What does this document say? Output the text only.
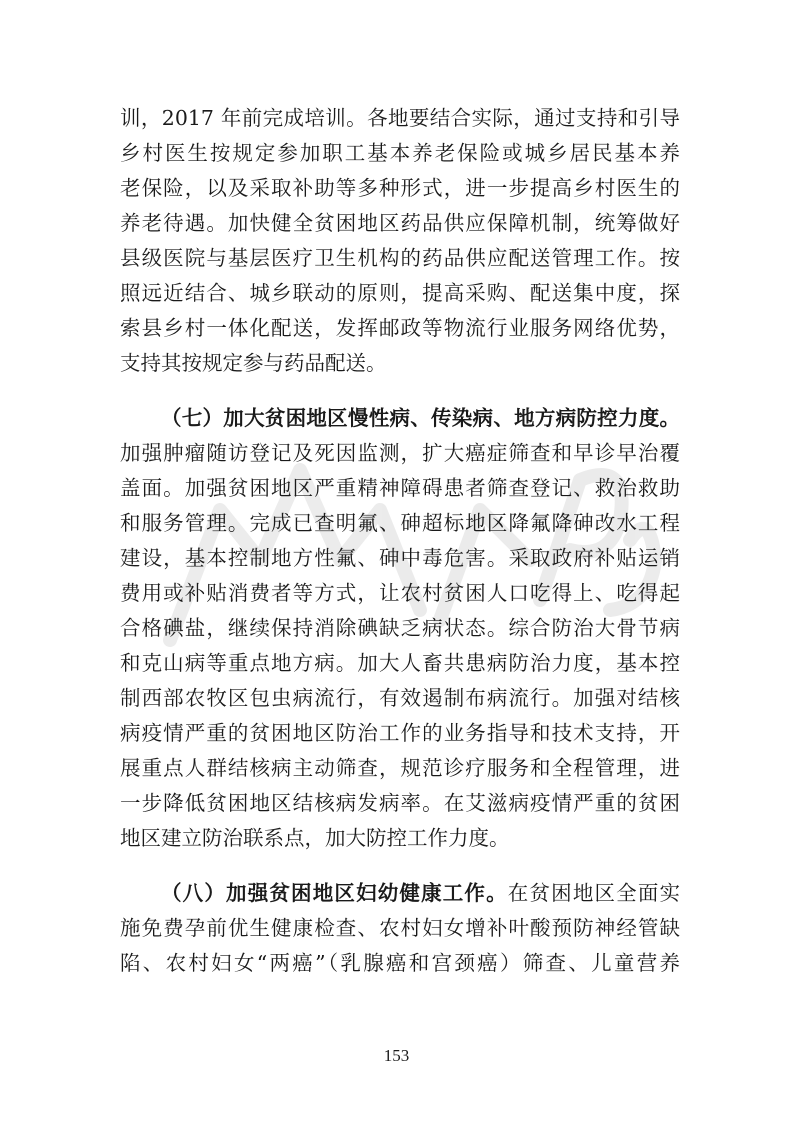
训，2017 年前完成培训。各地要结合实际，通过支持和引导
乡村医生按规定参加职工基本养老保险或城乡居民基本养
老保险，以及采取补助等多种形式，进一步提高乡村医生的
养老待遇。加快健全贫困地区药品供应保障机制，统筹做好
县级医院与基层医疗卫生机构的药品供应配送管理工作。按
照远近结合、城乡联动的原则，提高采购、配送集中度，探
索县乡村一体化配送，发挥邮政等物流行业服务网络优势，
支持其按规定参与药品配送。
（七）加大贫困地区慢性病、传染病、地方病防控力度。
加强肿瘤随访登记及死因监测，扩大癌症筛查和早诊早治覆
盖面。加强贫困地区严重精神障碍患者筛查登记、救治救助
和服务管理。完成已查明氟、砷超标地区降氟降砷改水工程
建设，基本控制地方性氟、砷中毒危害。采取政府补贴运销
费用或补贴消费者等方式，让农村贫困人口吃得上、吃得起
合格碘盐，继续保持消除碘缺乏病状态。综合防治大骨节病
和克山病等重点地方病。加大人畜共患病防治力度，基本控
制西部农牧区包虫病流行，有效遏制布病流行。加强对结核
病疫情严重的贫困地区防治工作的业务指导和技术支持，开
展重点人群结核病主动筛查，规范诊疗服务和全程管理，进
一步降低贫困地区结核病发病率。在艾滋病疫情严重的贫困
地区建立防治联系点，加大防控工作力度。
（八）加强贫困地区妇幼健康工作。在贫困地区全面实
施免费孕前优生健康检查、农村妇女增补叶酸预防神经管缺
陷、农村妇女“两癌”（乳腺癌和宫颈癌）筛查、儿童营养
153
